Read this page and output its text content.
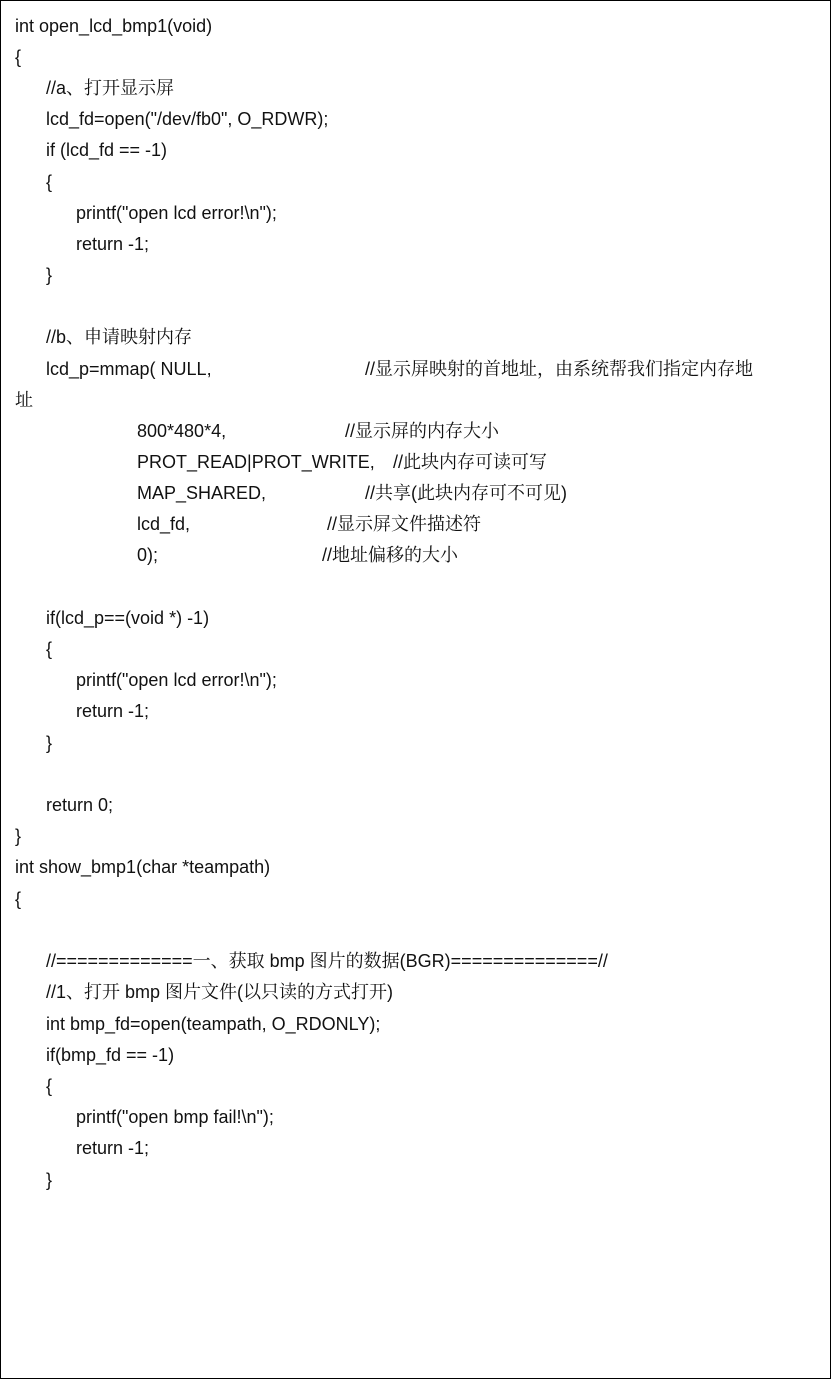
int open_lcd_bmp1(void)
{
//a、打开显示屏
lcd_fd=open("/dev/fb0", O_RDWR);
if (lcd_fd == -1)
{
printf("open lcd error!\n");
return -1;
}
//b、申请映射内存
lcd_p=mmap( NULL,	//显示屏映射的首地址，由系统帮我们指定内存地
址
800*480*4,	//显示屏的内存大小
PROT_READ|PROT_WRITE, //此块内存可读可写
MAP_SHARED,	//共享(此块内存可不可见)
lcd_fd,	//显示屏文件描述符
0);	//地址偏移的大小
if(lcd_p==(void *) -1)
{
printf("open lcd error!\n");
return -1;
}
return 0;
}
int show_bmp1(char *teampath)
{
//=============一、获取 bmp 图片的数据(BGR)==============//
//1、打开 bmp 图片文件(以只读的方式打开)
int bmp_fd=open(teampath, O_RDONLY);
if(bmp_fd == -1)
{
printf("open bmp fail!\n");
return -1;
}
